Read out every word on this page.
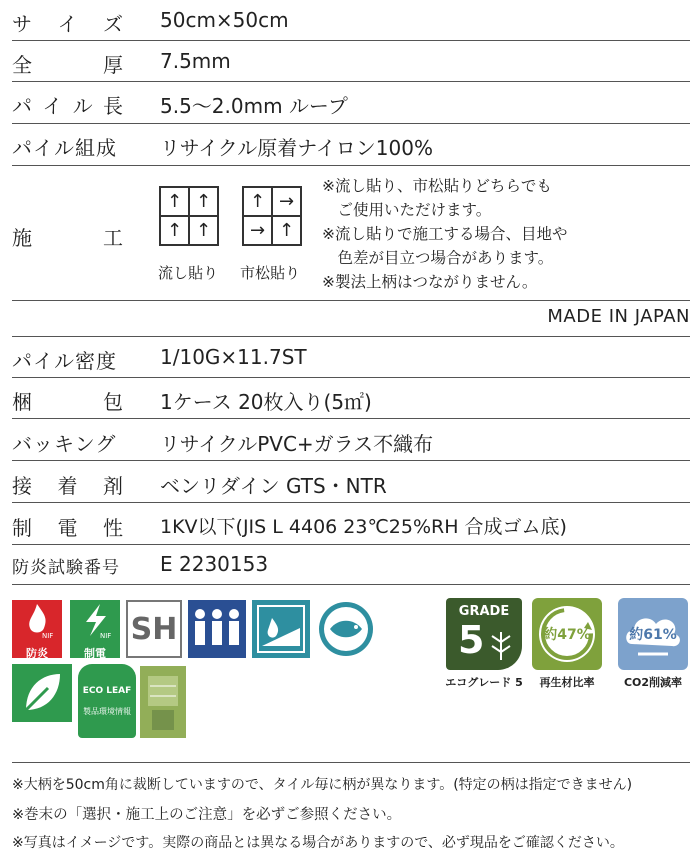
サ イ ズ 50cm×50cm
全	厚 7.5mm
パ イ ル 長 5.5〜2.0mm ループ
パイル組成 リサイクル原着ナイロン100%
施	工
↑ ↑
↑ ↑
流し貼り
↑ →
→ ↑
市松貼り
※流し貼り、市松貼りどちらでも
　ご使用いただけます。
※流し貼りで施工する場合、目地や
　色差が目立つ場合があります。
※製法上柄はつながりません。
MADE IN JAPAN
パイル密度 1/10G×11.7ST
梱	包 1ケース 20枚入り(5㎡)
バッキング リサイクルPVC+ガラス不織布
接 着 剤 ベンリダイン GTS・NTR
制 電 性 1KV以下(JIS L 4406 23℃25%RH 合成ゴム底)
防炎試験番号 E 2230153
NIF
防炎
NIF
制電
SH	GRADE
5
エコグレード 5
約47%
再生材比率
約61%
CO2削減率
ECO LEAF
製品環境情報
※大柄を50cm角に裁断していますので、タイル毎に柄が異なります。(特定の柄は指定できません)
※巻末の「選択・施工上のご注意」を必ずご参照ください。
※写真はイメージです。実際の商品とは異なる場合がありますので、必ず現品をご確認ください。
